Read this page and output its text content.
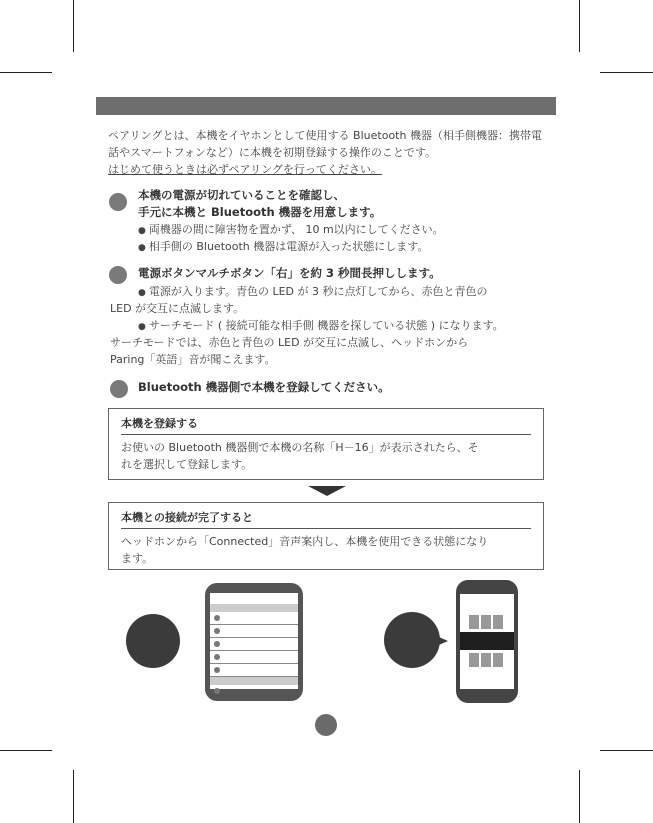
ペアリングとは、本機をイヤホンとして使用する Bluetooth 機器（相手側機器：携帯電
話やスマートフォンなど）に本機を初期登録する操作のことです。
はじめて使うときは必ずペアリングを行ってください。
本機の電源が切れていることを確認し、
手元に本機と Bluetooth 機器を用意します。
● 両機器の間に障害物を置かず、 10 m以内にしてください。
● 相手側の Bluetooth 機器は電源が入った状態にします。
電源ボタンマルチボタン「右」を約 3 秒間長押しします。
● 電源が入ります。青色の LED が 3 秒に点灯してから、赤色と青色の
LED が交互に点滅します。
● サーチモード ( 接続可能な相手側 機器を探している状態 ) になります。
サーチモードでは、赤色と青色の LED が交互に点滅し、ヘッドホンから
Paring「英語」音が聞こえます。
Bluetooth 機器側で本機を登録してください。
本機を登録する
お使いの Bluetooth 機器側で本機の名称「H－16」が表示されたら、そ
れを選択して登録します。
本機との接続が完了すると
ヘッドホンから「Connected」音声案内し、本機を使用できる状態になり
ます。
